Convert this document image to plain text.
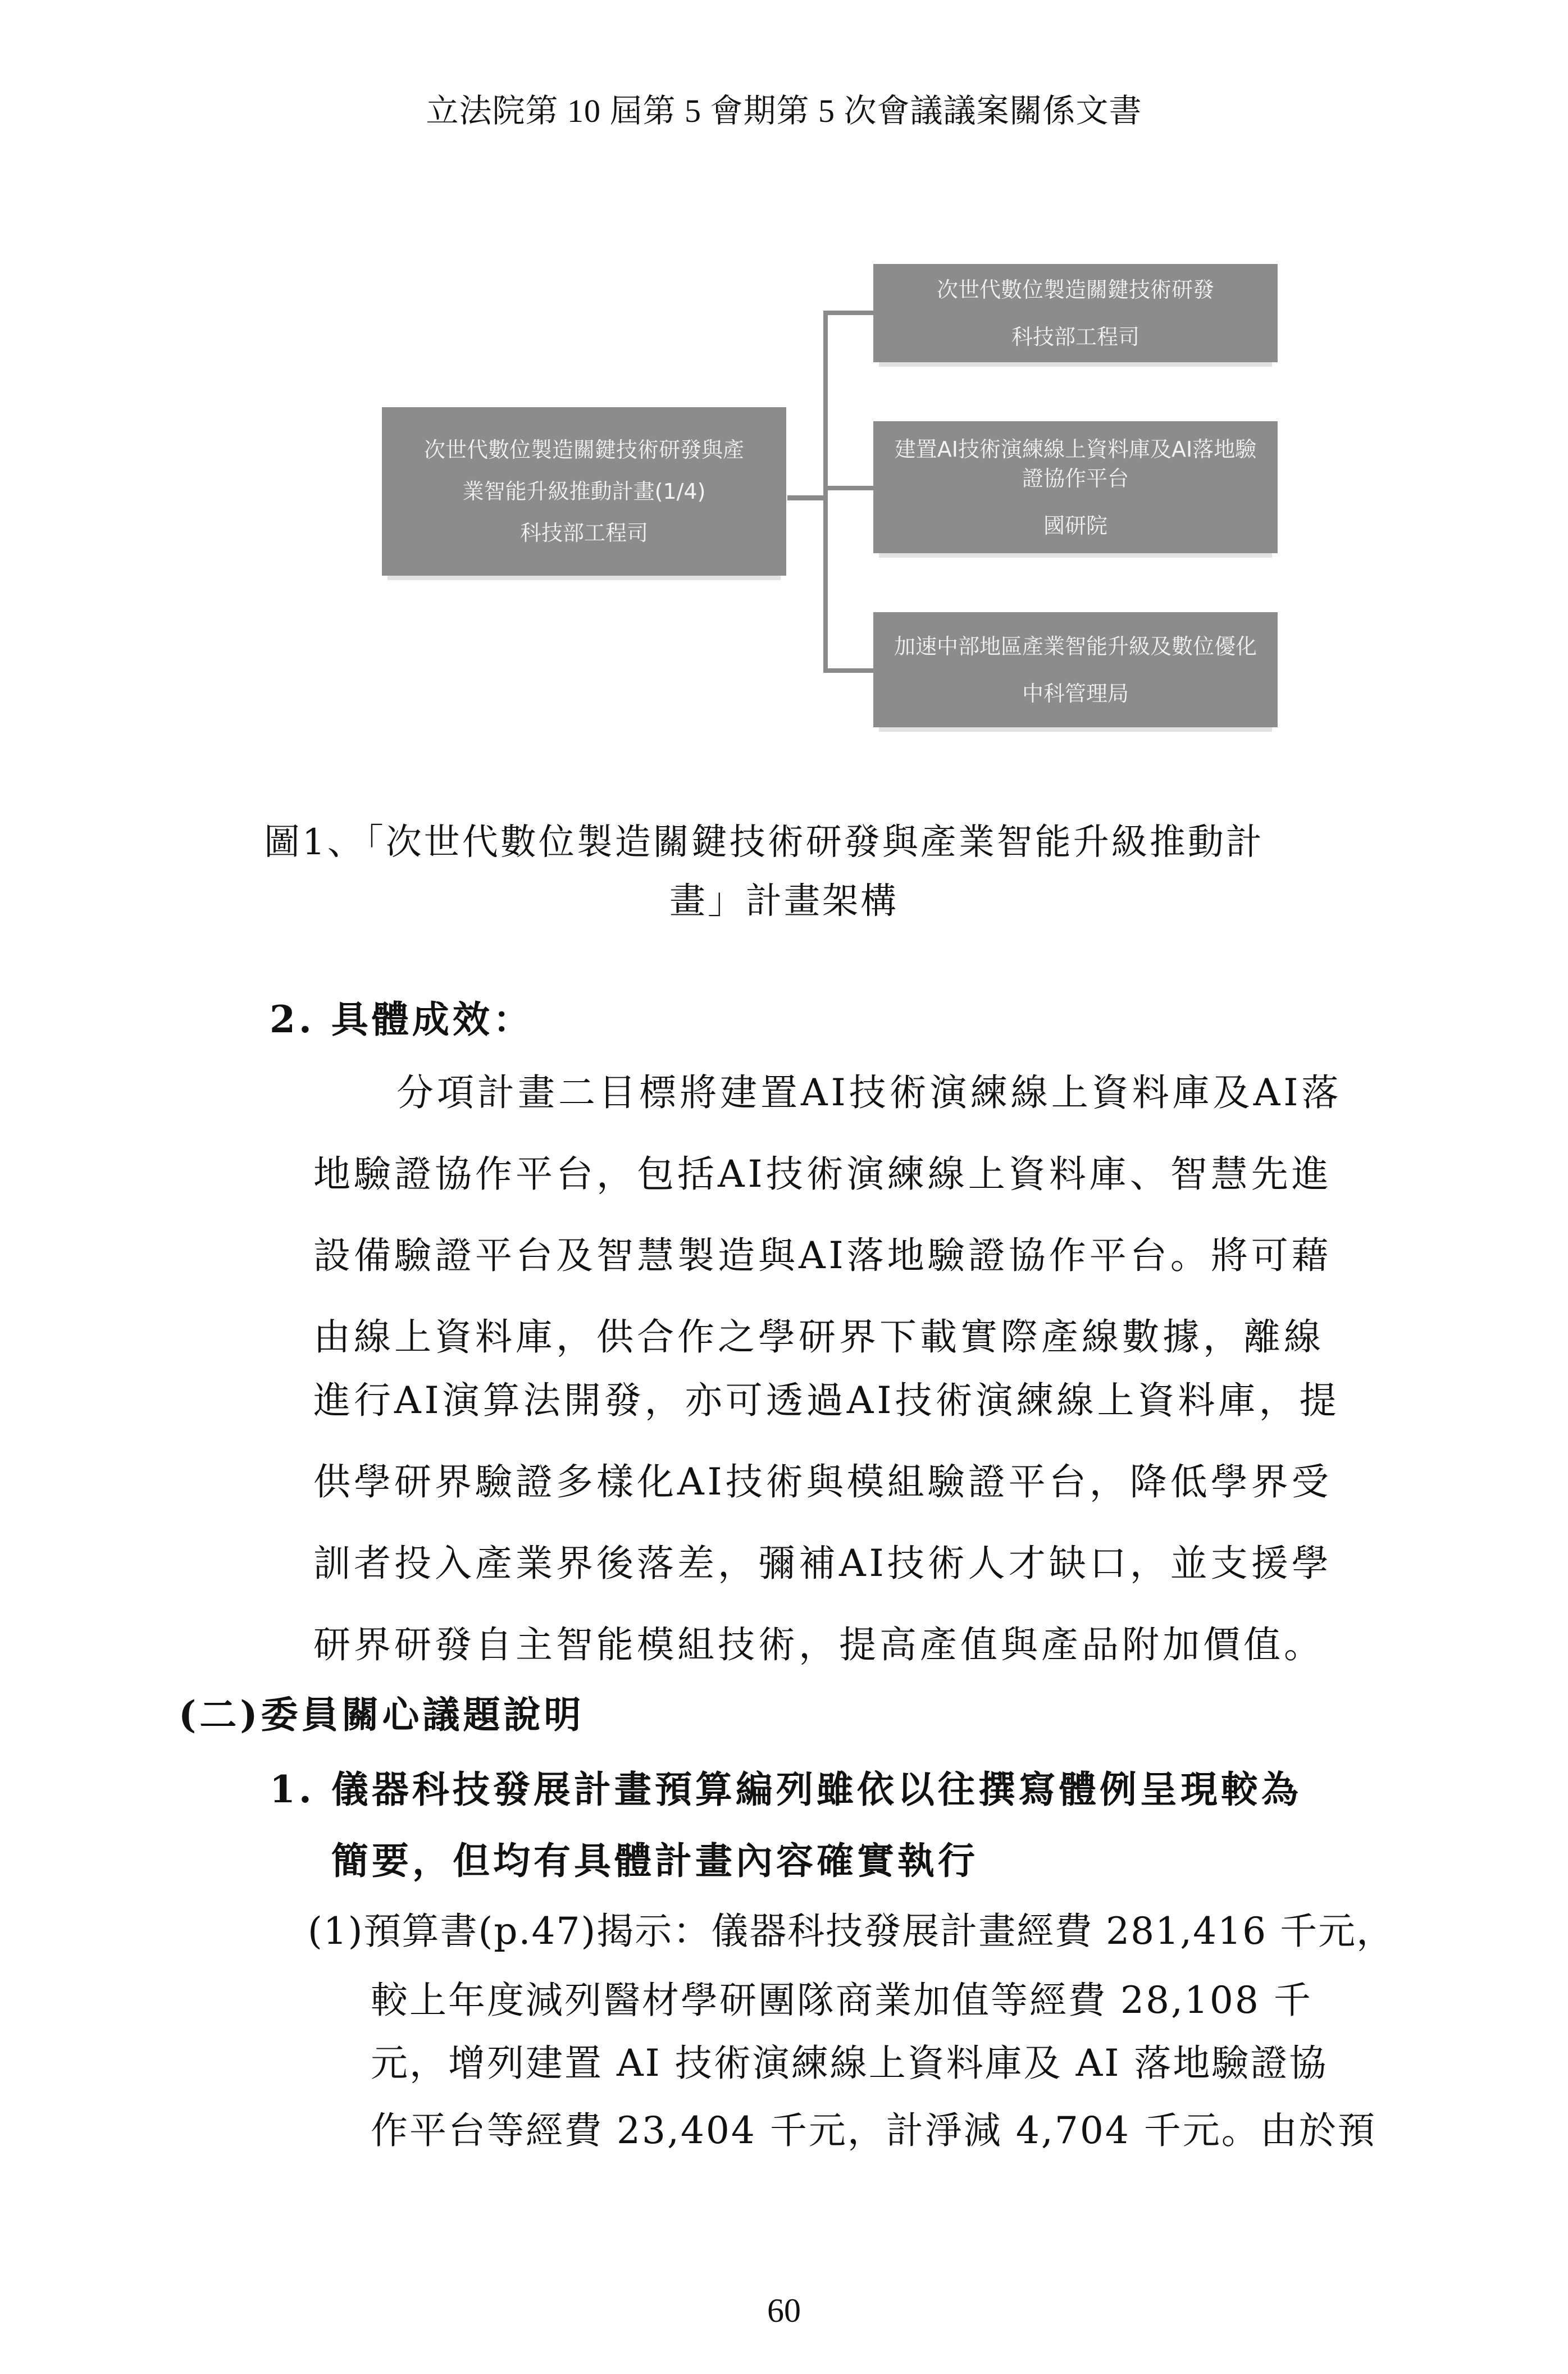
立法院第 10 屆第 5 會期第 5 次會議議案關係文書
次世代數位製造關鍵技術研發與產
業智能升級推動計畫(1/4)
科技部工程司
次世代數位製造關鍵技術研發
科技部工程司
建置AI技術演練線上資料庫及AI落地驗
證協作平台
國研院
加速中部地區產業智能升級及數位優化
中科管理局
圖1、「次世代數位製造關鍵技術研發與產業智能升級推動計
畫」計畫架構
2. 具體成效：
分項計畫二目標將建置AI技術演練線上資料庫及AI落
地驗證協作平台，包括AI技術演練線上資料庫、智慧先進
設備驗證平台及智慧製造與AI落地驗證協作平台。將可藉
由線上資料庫，供合作之學研界下載實際產線數據，離線
進行AI演算法開發，亦可透過AI技術演練線上資料庫，提
供學研界驗證多樣化AI技術與模組驗證平台，降低學界受
訓者投入產業界後落差，彌補AI技術人才缺口，並支援學
研界研發自主智能模組技術，提高產值與產品附加價值。
(二)委員關心議題說明
1. 儀器科技發展計畫預算編列雖依以往撰寫體例呈現較為
簡要，但均有具體計畫內容確實執行
(1)預算書(p.47)揭示：儀器科技發展計畫經費 281,416 千元，
較上年度減列醫材學研團隊商業加值等經費 28,108 千
元，增列建置 AI 技術演練線上資料庫及 AI 落地驗證協
作平台等經費 23,404 千元，計淨減 4,704 千元。由於預
60
